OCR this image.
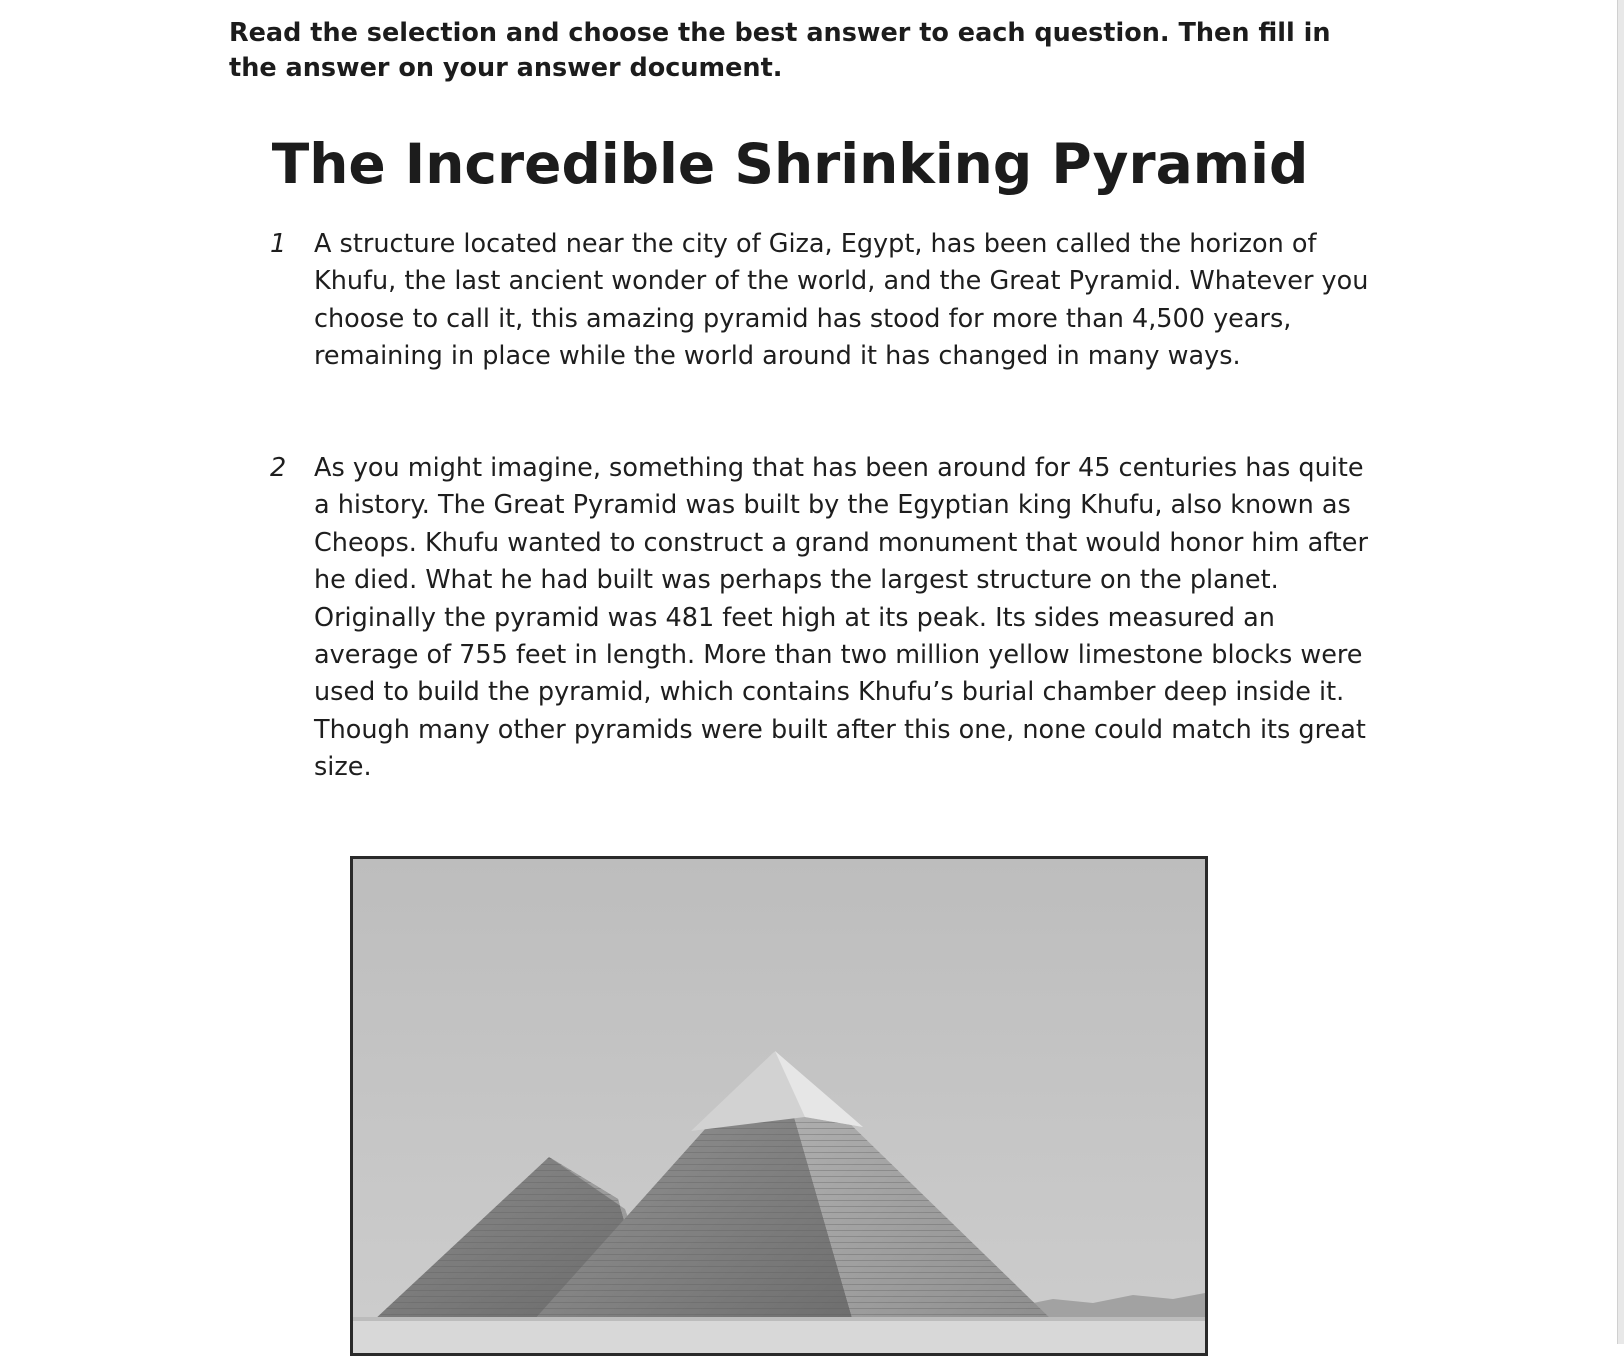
Read the selection and choose the best answer to each question. Then fill in the answer on your answer document.

The Incredible Shrinking Pyramid
1	A structure located near the city of Giza, Egypt, has been called the horizon of Khufu, the last ancient wonder of the world, and the Great Pyramid. Whatever you choose to call it, this amazing pyramid has stood for more than 4,500 years, remaining in place while the world around it has changed in many ways.

2	As you might imagine, something that has been around for 45 centuries has quite a history. The Great Pyramid was built by the Egyptian king Khufu, also known as Cheops. Khufu wanted to construct a grand monument that would honor him after he died. What he had built was perhaps the largest structure on the planet. Originally the pyramid was 481 feet high at its peak. Its sides measured an average of 755 feet in length. More than two million yellow limestone blocks were used to build the pyramid, which contains Khufu’s burial chamber deep inside it. Though many other pyramids were built after this one, none could match its great size.
